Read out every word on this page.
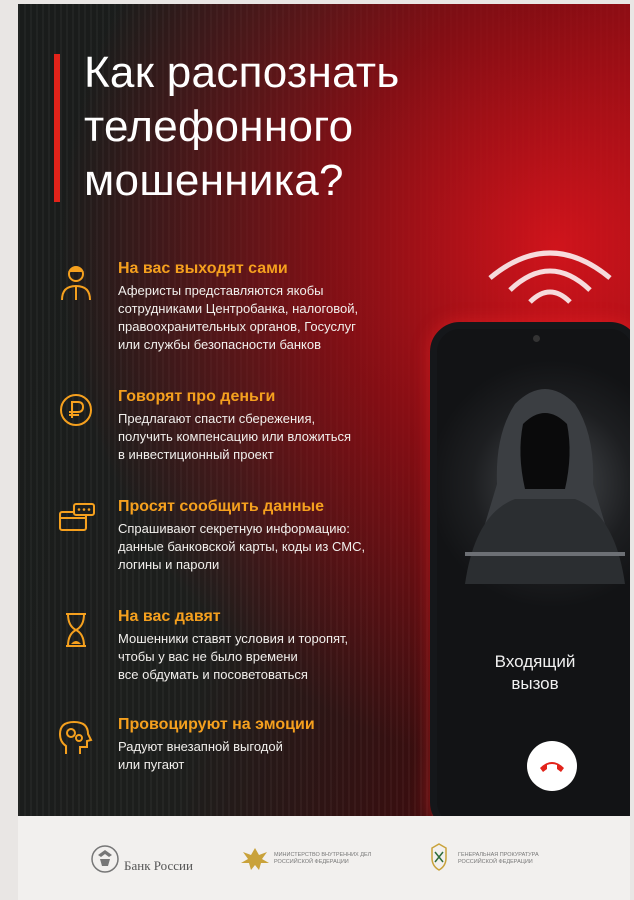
Как распознать
телефонного
мошенника?
На вас выходят сами
Аферисты представляются якобы
сотрудниками Центробанка, налоговой,
правоохранительных органов, Госуслуг
или службы безопасности банков
Говорят про деньги
Предлагают спасти сбережения,
получить компенсацию или вложиться
в инвестиционный проект
Просят сообщить данные
Спрашивают секретную информацию:
данные банковской карты, коды из СМС,
логины и пароли
На вас давят
Мошенники ставят условия и торопят,
чтобы у вас не было времени
все обдумать и посоветоваться
Провоцируют на эмоции
Радуют внезапной выгодой
или пугают
Входящий
вызов
Банк России
МИНИСТЕРСТВО ВНУТРЕННИХ ДЕЛ
РОССИЙСКОЙ ФЕДЕРАЦИИ
ГЕНЕРАЛЬНАЯ ПРОКУРАТУРА
РОССИЙСКОЙ ФЕДЕРАЦИИ
